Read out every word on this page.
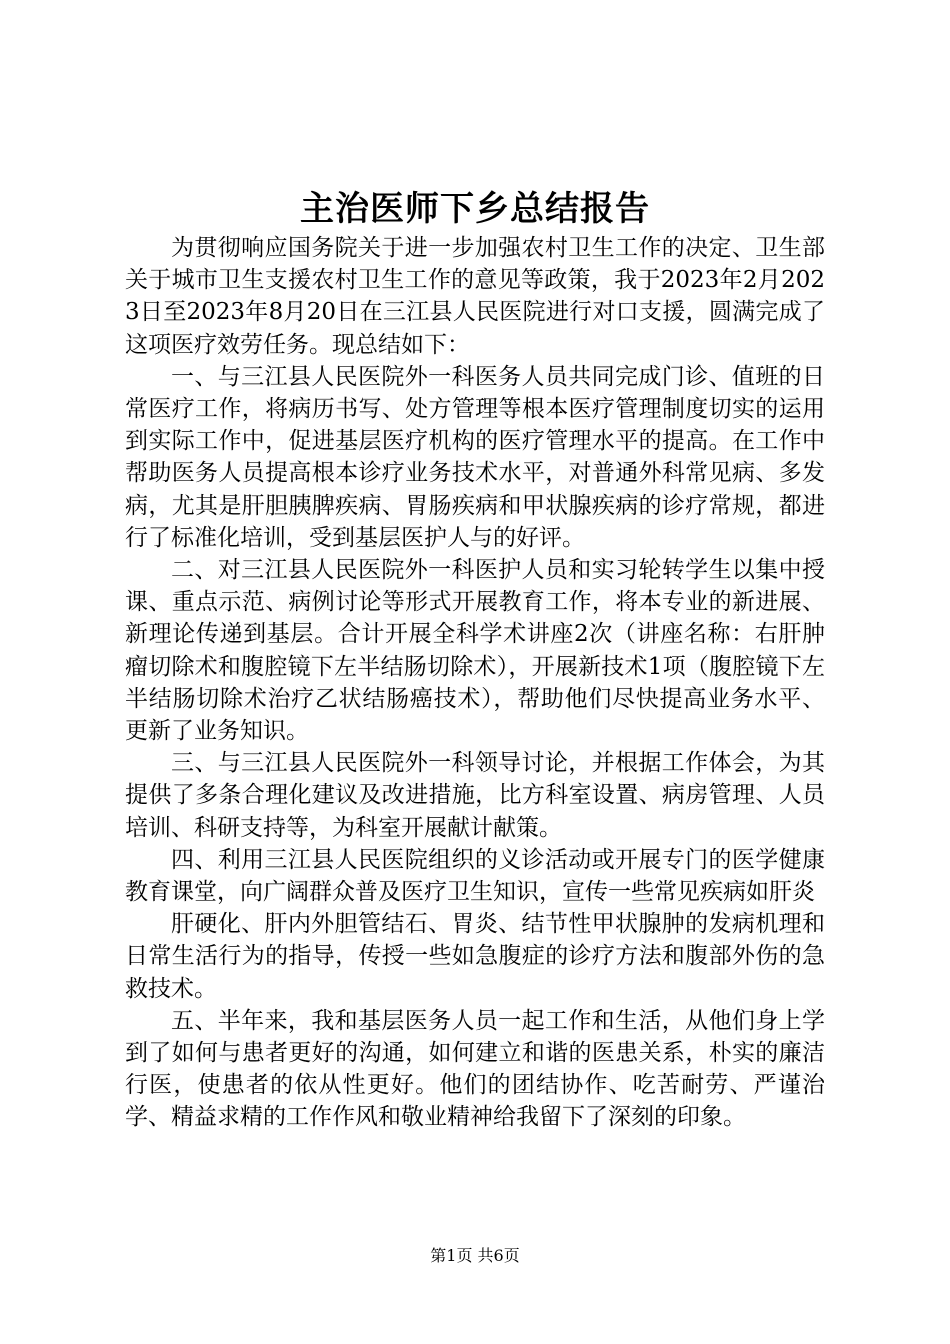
主治医师下乡总结报告

为贯彻响应国务院关于进一步加强农村卫生工作的决定、卫生部关于城市卫生支援农村卫生工作的意见等政策，我于2023年2月2023日至2023年8月20日在三江县人民医院进行对口支援，圆满完成了这项医疗效劳任务。现总结如下：

一、与三江县人民医院外一科医务人员共同完成门诊、值班的日常医疗工作，将病历书写、处方管理等根本医疗管理制度切实的运用到实际工作中，促进基层医疗机构的医疗管理水平的提高。在工作中帮助医务人员提高根本诊疗业务技术水平，对普通外科常见病、多发病，尤其是肝胆胰脾疾病、胃肠疾病和甲状腺疾病的诊疗常规，都进行了标准化培训，受到基层医护人与的好评。

二、对三江县人民医院外一科医护人员和实习轮转学生以集中授课、重点示范、病例讨论等形式开展教育工作，将本专业的新进展、新理论传递到基层。合计开展全科学术讲座2次（讲座名称：右肝肿瘤切除术和腹腔镜下左半结肠切除术），开展新技术1项（腹腔镜下左半结肠切除术治疗乙状结肠癌技术），帮助他们尽快提高业务水平、更新了业务知识。

三、与三江县人民医院外一科领导讨论，并根据工作体会，为其提供了多条合理化建议及改进措施，比方科室设置、病房管理、人员培训、科研支持等，为科室开展献计献策。

四、利用三江县人民医院组织的义诊活动或开展专门的医学健康教育课堂，向广阔群众普及医疗卫生知识，宣传一些常见疾病如肝炎

肝硬化、肝内外胆管结石、胃炎、结节性甲状腺肿的发病机理和日常生活行为的指导，传授一些如急腹症的诊疗方法和腹部外伤的急救技术。

五、半年来，我和基层医务人员一起工作和生活，从他们身上学到了如何与患者更好的沟通，如何建立和谐的医患关系，朴实的廉洁行医，使患者的依从性更好。他们的团结协作、吃苦耐劳、严谨治学、精益求精的工作作风和敬业精神给我留下了深刻的印象。

第1页 共6页
